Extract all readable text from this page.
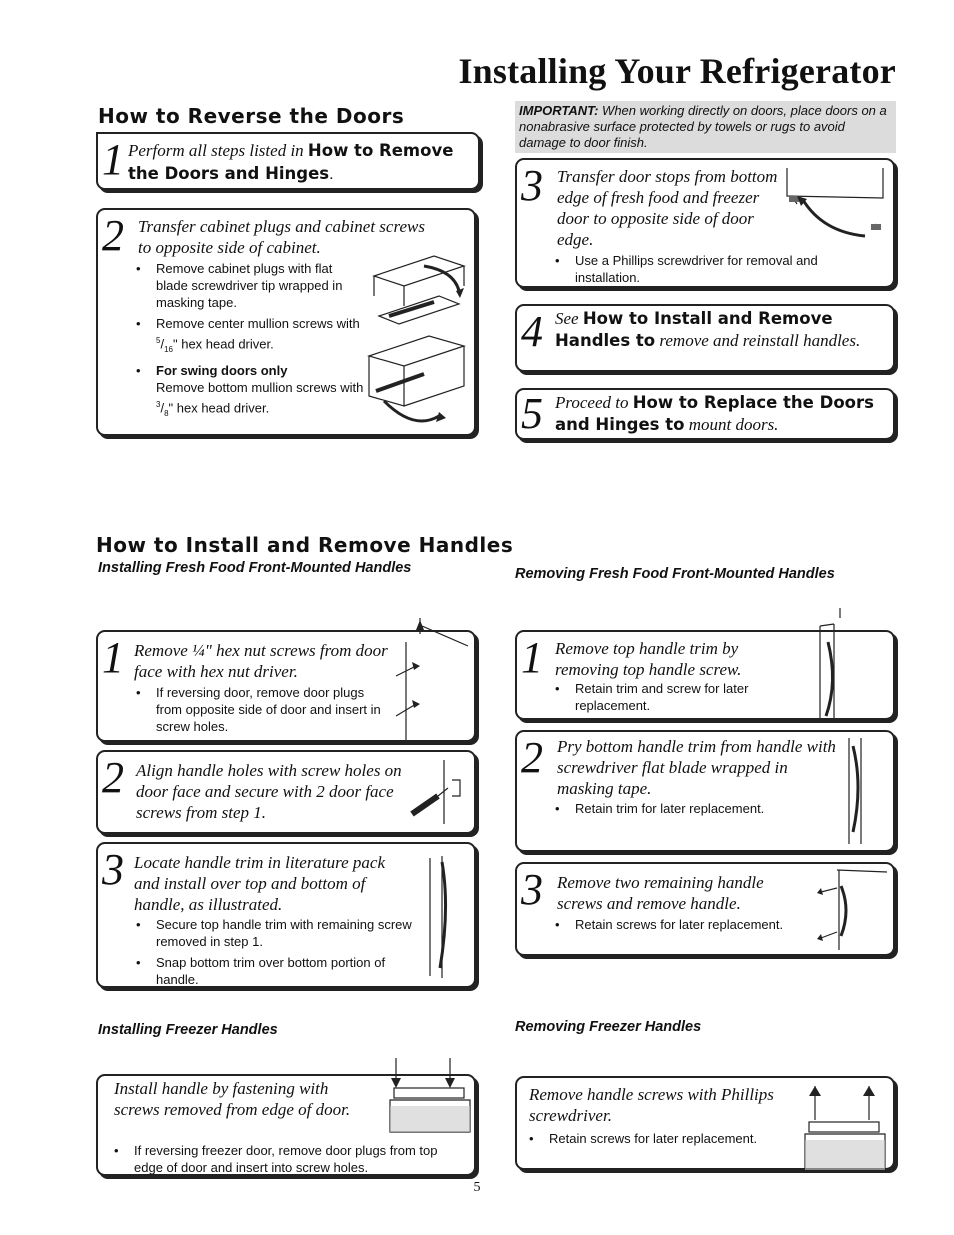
Installing Your Refrigerator
How to Reverse the Doors
1 Perform all steps listed in How to Remove the Doors and Hinges.
2 Transfer cabinet plugs and cabinet screws to opposite side of cabinet.
• Remove cabinet plugs with flat blade screwdriver tip wrapped in masking tape.
• Remove center mullion screws with $^5/_{16}$" hex head driver.
• For swing doors only
Remove bottom mullion screws with $^3/_8$" hex head driver.
IMPORTANT: When working directly on doors, place doors on a nonabrasive surface protected by towels or rugs to avoid damage to door finish.
3 Transfer door stops from bottom edge of fresh food and freezer door to opposite side of door edge.
• Use a Phillips screwdriver for removal and installation.
4 See How to Install and Remove Handles to remove and reinstall handles.
5 Proceed to How to Replace the Doors and Hinges to mount doors.
How to Install and Remove Handles
Installing Fresh Food Front-Mounted Handles	Removing Fresh Food Front-Mounted Handles
1 Remove ¼" hex nut screws from door face with hex nut driver.
• If reversing door, remove door plugs from opposite side of door and insert in screw holes.
2 Align handle holes with screw holes on door face and secure with 2 door face screws from step 1.
3 Locate handle trim in literature pack and install over top and bottom of handle, as illustrated.
• Secure top handle trim with remaining screw removed in step 1.
• Snap bottom trim over bottom portion of handle.
1 Remove top handle trim by removing top handle screw.
• Retain trim and screw for later replacement.
2 Pry bottom handle trim from handle with screwdriver flat blade wrapped in masking tape.
• Retain trim for later replacement.
3 Remove two remaining handle screws and remove handle.
• Retain screws for later replacement.
Installing Freezer Handles	Removing Freezer Handles
Install handle by fastening with screws removed from edge of door.
• If reversing freezer door, remove door plugs from top edge of door and insert into screw holes.
Remove handle screws with Phillips screwdriver.
• Retain screws for later replacement.
5
